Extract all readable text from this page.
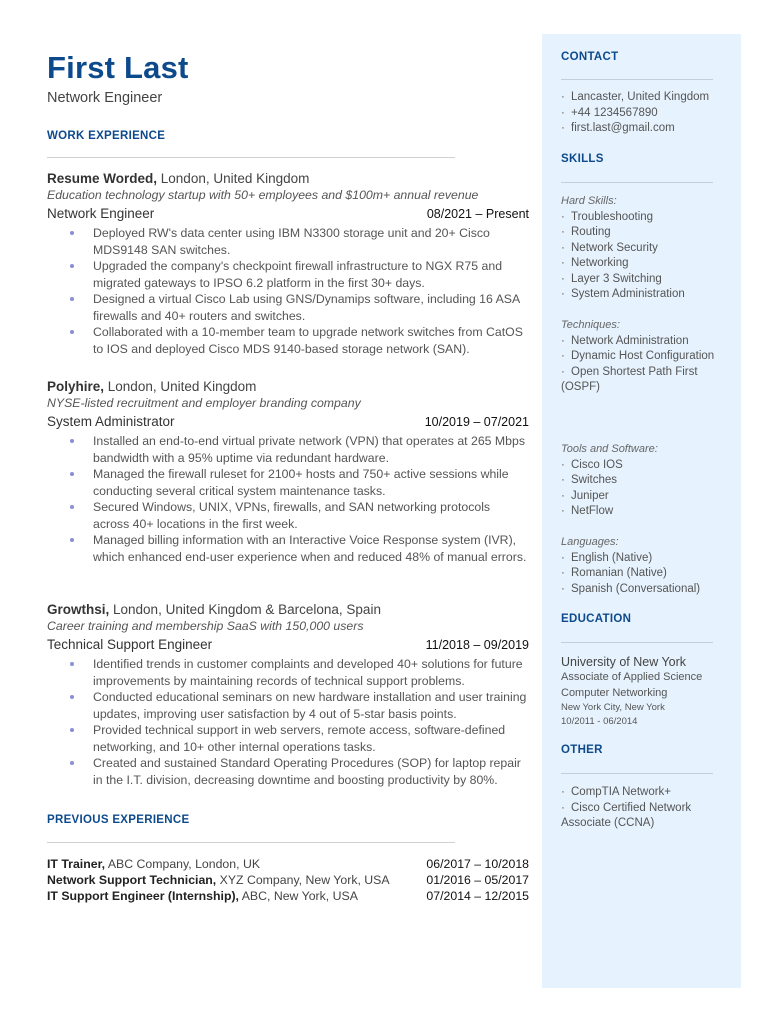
First Last
Network Engineer
WORK EXPERIENCE
Resume Worded, London, United Kingdom
Education technology startup with 50+ employees and $100m+ annual revenue
Network Engineer	08/2021 – Present
Deployed RW's data center using IBM N3300 storage unit and 20+ Cisco MDS9148 SAN switches.
Upgraded the company's checkpoint firewall infrastructure to NGX R75 and migrated gateways to IPSO 6.2 platform in the first 30+ days.
Designed a virtual Cisco Lab using GNS/Dynamips software, including 16 ASA firewalls and 40+ routers and switches.
Collaborated with a 10-member team to upgrade network switches from CatOS to IOS and deployed Cisco MDS 9140-based storage network (SAN).
Polyhire, London, United Kingdom
NYSE-listed recruitment and employer branding company
System Administrator	10/2019 – 07/2021
Installed an end-to-end virtual private network (VPN) that operates at 265 Mbps bandwidth with a 95% uptime via redundant hardware.
Managed the firewall ruleset for 2100+ hosts and 750+ active sessions while conducting several critical system maintenance tasks.
Secured Windows, UNIX, VPNs, firewalls, and SAN networking protocols across 40+ locations in the first week.
Managed billing information with an Interactive Voice Response system (IVR), which enhanced end-user experience when and reduced 48% of manual errors.
Growthsi, London, United Kingdom & Barcelona, Spain
Career training and membership SaaS with 150,000 users
Technical Support Engineer	11/2018 – 09/2019
Identified trends in customer complaints and developed 40+ solutions for future improvements by maintaining records of technical support problems.
Conducted educational seminars on new hardware installation and user training updates, improving user satisfaction by 4 out of 5-star basis points.
Provided technical support in web servers, remote access, software-defined networking, and 10+ other internal operations tasks.
Created and sustained Standard Operating Procedures (SOP) for laptop repair in the I.T. division, decreasing downtime and boosting productivity by 80%.
PREVIOUS EXPERIENCE
IT Trainer, ABC Company, London, UK	06/2017 – 10/2018
Network Support Technician, XYZ Company, New York, USA	01/2016 – 05/2017
IT Support Engineer (Internship), ABC, New York, USA	07/2014 – 12/2015
CONTACT
· Lancaster, United Kingdom
· +44 1234567890
· first.last@gmail.com
SKILLS
Hard Skills:
· Troubleshooting
· Routing
· Network Security
· Networking
· Layer 3 Switching
· System Administration
Techniques:
· Network Administration
· Dynamic Host Configuration
· Open Shortest Path First (OSPF)
Tools and Software:
· Cisco IOS
· Switches
· Juniper
· NetFlow
Languages:
· English (Native)
· Romanian (Native)
· Spanish (Conversational)
EDUCATION
University of New York
Associate of Applied Science Computer Networking
New York City, New York
10/2011 - 06/2014
OTHER
· CompTIA Network+
· Cisco Certified Network Associate (CCNA)
